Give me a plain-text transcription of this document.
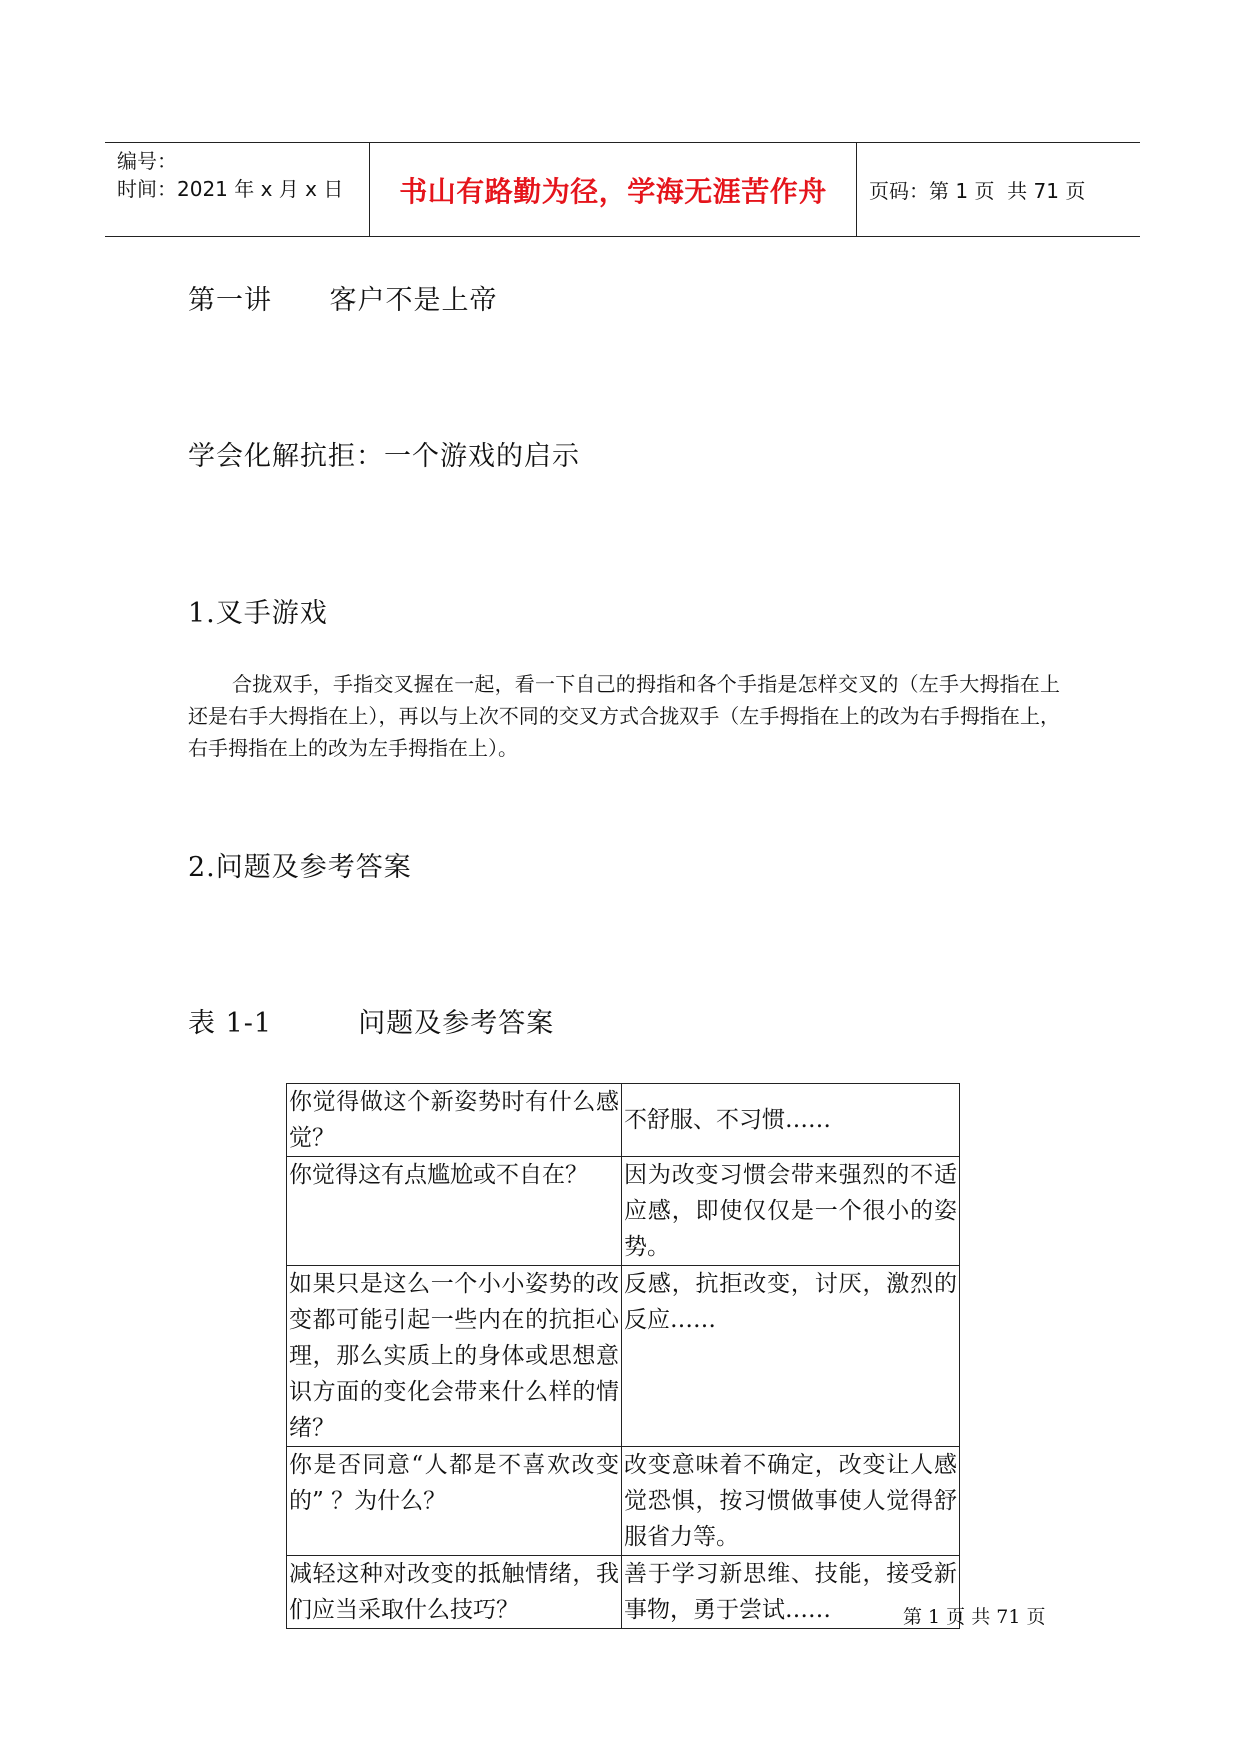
编号：
时间：2021 年 x 月 x 日	书山有路勤为径，学海无涯苦作舟	页码：第 1 页  共 71 页
第一讲      客户不是上帝
学会化解抗拒：一个游戏的启示
1.叉手游戏

合拢双手，手指交叉握在一起，看一下自己的拇指和各个手指是怎样交叉的（左手大拇指在上还是右手大拇指在上），再以与上次不同的交叉方式合拢双手（左手拇指在上的改为右手拇指在上，右手拇指在上的改为左手拇指在上）。

2.问题及参考答案
表 1-1         问题及参考答案
你觉得做这个新姿势时有什么感觉？	不舒服、不习惯……
你觉得这有点尴尬或不自在？	因为改变习惯会带来强烈的不适应感，即使仅仅是一个很小的姿势。
如果只是这么一个小小姿势的改变都可能引起一些内在的抗拒心理，那么实质上的身体或思想意识方面的变化会带来什么样的情绪？	反感，抗拒改变，讨厌，激烈的反应……
你是否同意“人都是不喜欢改变的” ？为什么？	改变意味着不确定，改变让人感觉恐惧，按习惯做事使人觉得舒服省力等。
减轻这种对改变的抵触情绪，我们应当采取什么技巧？	善于学习新思维、技能，接受新事物，勇于尝试……	第 1 页 共 71 页
